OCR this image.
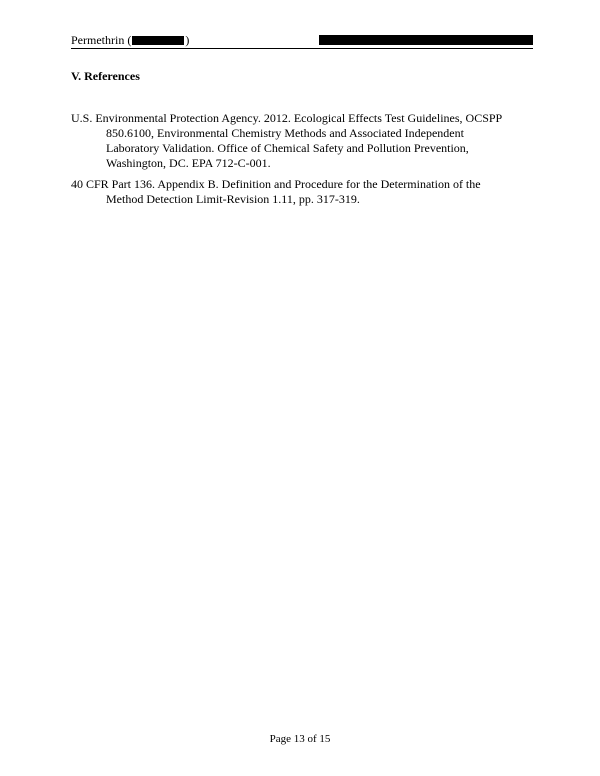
Permethrin (	)
V. References

U.S. Environmental Protection Agency. 2012. Ecological Effects Test Guidelines, OCSPP 850.6100, Environmental Chemistry Methods and Associated Independent Laboratory Validation. Office of Chemical Safety and Pollution Prevention, Washington, DC. EPA 712-C-001.

40 CFR Part 136. Appendix B. Definition and Procedure for the Determination of the Method Detection Limit-Revision 1.11, pp. 317-319.

Page 13 of 15
